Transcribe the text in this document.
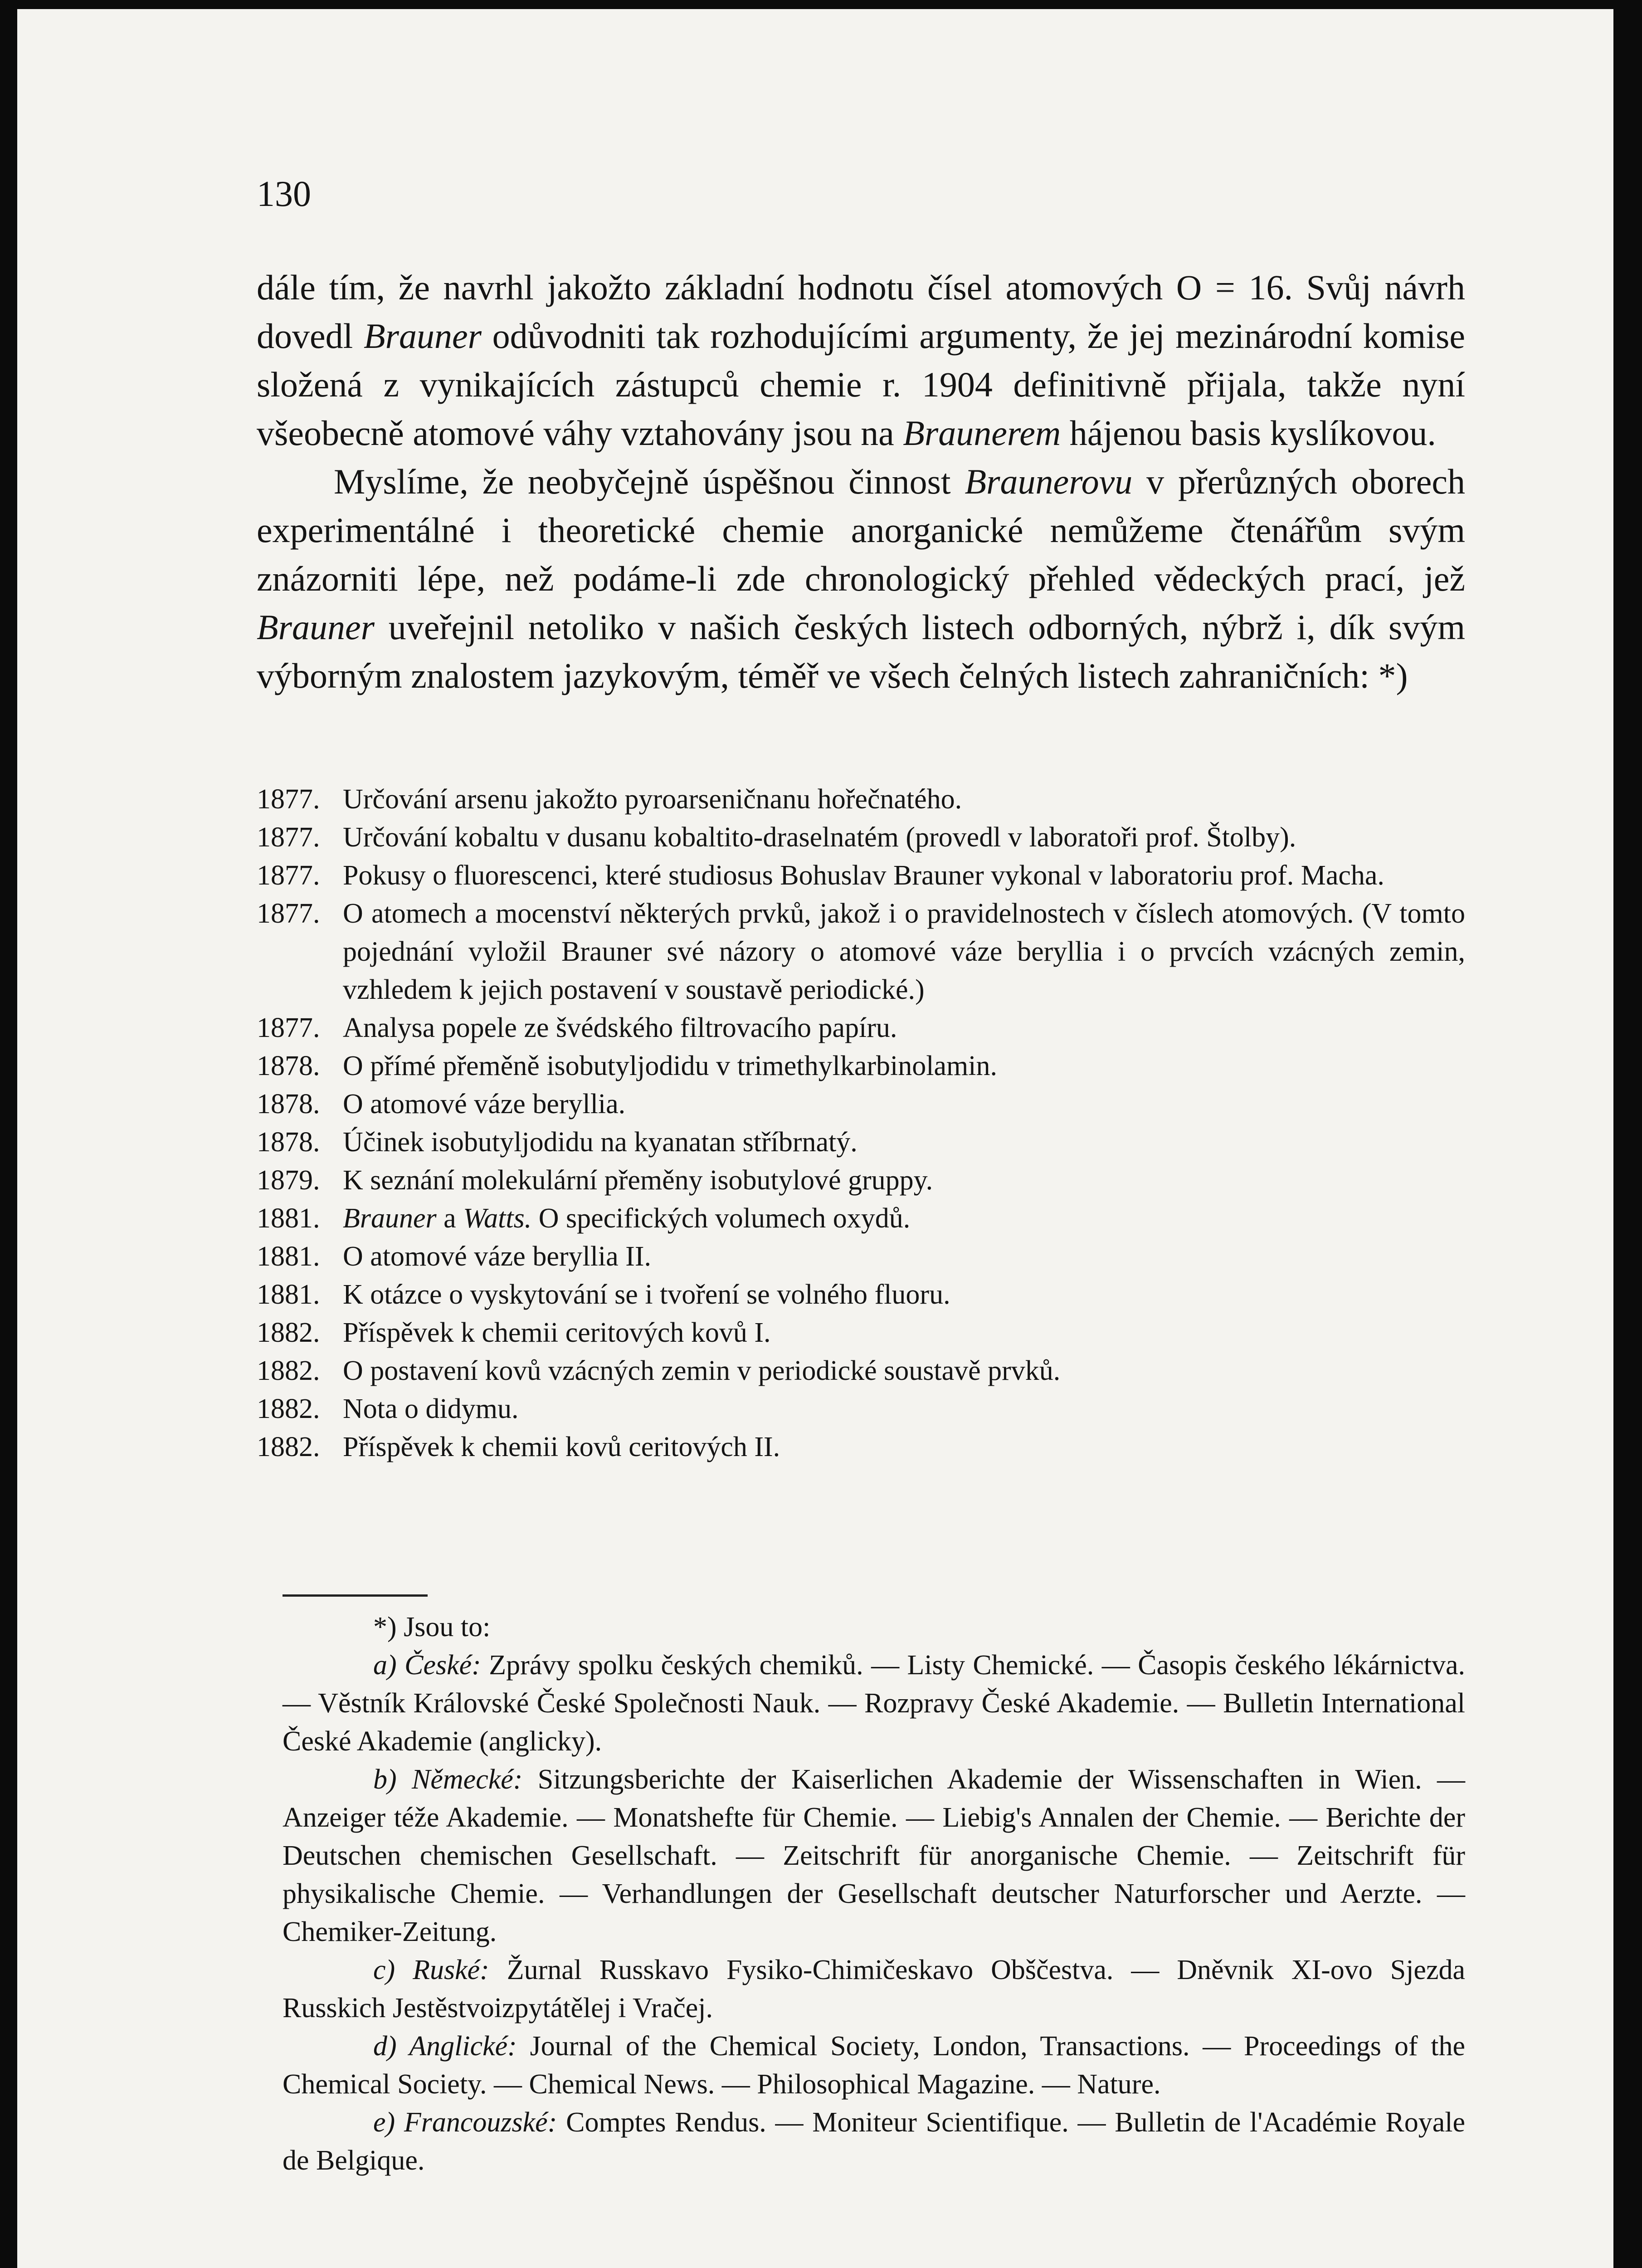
130

dále tím, že navrhl jakožto základní hodnotu čísel atomových O = 16. Svůj návrh dovedl Brauner odůvodniti tak rozhodujícími argumenty, že jej mezinárodní komise složená z vynikajících zástupců chemie r. 1904 definitivně přijala, takže nyní všeobecně atomové váhy vztahovány jsou na Braunerem hájenou basis kyslíkovou.

Myslíme, že neobyčejně úspěšnou činnost Braunerovu v přerůzných oborech experimentálné i theoretické chemie anorganické nemůžeme čtenářům svým znázorniti lépe, než podáme-li zde chronologický přehled vědeckých prací, jež Brauner uveřejnil netoliko v našich českých listech odborných, nýbrž i, dík svým výborným znalostem jazykovým, téměř ve všech čelných listech zahraničních: *)

1877. Určování arsenu jakožto pyroarseničnanu hořečnatého.
1877. Určování kobaltu v dusanu kobaltito-draselnatém (provedl v laboratoři prof. Štolby).
1877. Pokusy o fluorescenci, které studiosus Bohuslav Brauner vykonal v laboratoriu prof. Macha.
1877. O atomech a mocenství některých prvků, jakož i o pravidelnostech v číslech atomových. (V tomto pojednání vyložil Brauner své názory o atomové váze beryllia i o prvcích vzácných zemin, vzhledem k jejich postavení v soustavě periodické.)
1877. Analysa popele ze švédského filtrovacího papíru.
1878. O přímé přeměně isobutyljodidu v trimethylkarbinolamin.
1878. O atomové váze beryllia.
1878. Účinek isobutyljodidu na kyanatan stříbrnatý.
1879. K seznání molekulární přeměny isobutylové gruppy.
1881. Brauner a Watts. O specifických volumech oxydů.
1881. O atomové váze beryllia II.
1881. K otázce o vyskytování se i tvoření se volného fluoru.
1882. Příspěvek k chemii ceritových kovů I.
1882. O postavení kovů vzácných zemin v periodické soustavě prvků.
1882. Nota o didymu.
1882. Příspěvek k chemii kovů ceritových II.

*) Jsou to:

a) České: Zprávy spolku českých chemiků. — Listy Chemické. — Časopis českého lékárnictva. — Věstník Královské České Společnosti Nauk. — Rozpravy České Akademie. — Bulletin International České Akademie (anglicky).

b) Německé: Sitzungsberichte der Kaiserlichen Akademie der Wissenschaften in Wien. — Anzeiger téže Akademie. — Monatshefte für Chemie. — Liebig's Annalen der Chemie. — Berichte der Deutschen chemischen Gesellschaft. — Zeitschrift für anorganische Chemie. — Zeitschrift für physikalische Chemie. — Verhandlungen der Gesellschaft deutscher Naturforscher und Aerzte. — Chemiker-Zeitung.

c) Ruské: Žurnal Russkavo Fysiko-Chimičeskavo Obščestva. — Dněvnik XI-ovo Sjezda Russkich Jestěstvoizpytátělej i Vračej.

d) Anglické: Journal of the Chemical Society, London, Transactions. — Proceedings of the Chemical Society. — Chemical News. — Philosophical Magazine. — Nature.

e) Francouzské: Comptes Rendus. — Moniteur Scientifique. — Bulletin de l'Académie Royale de Belgique.
